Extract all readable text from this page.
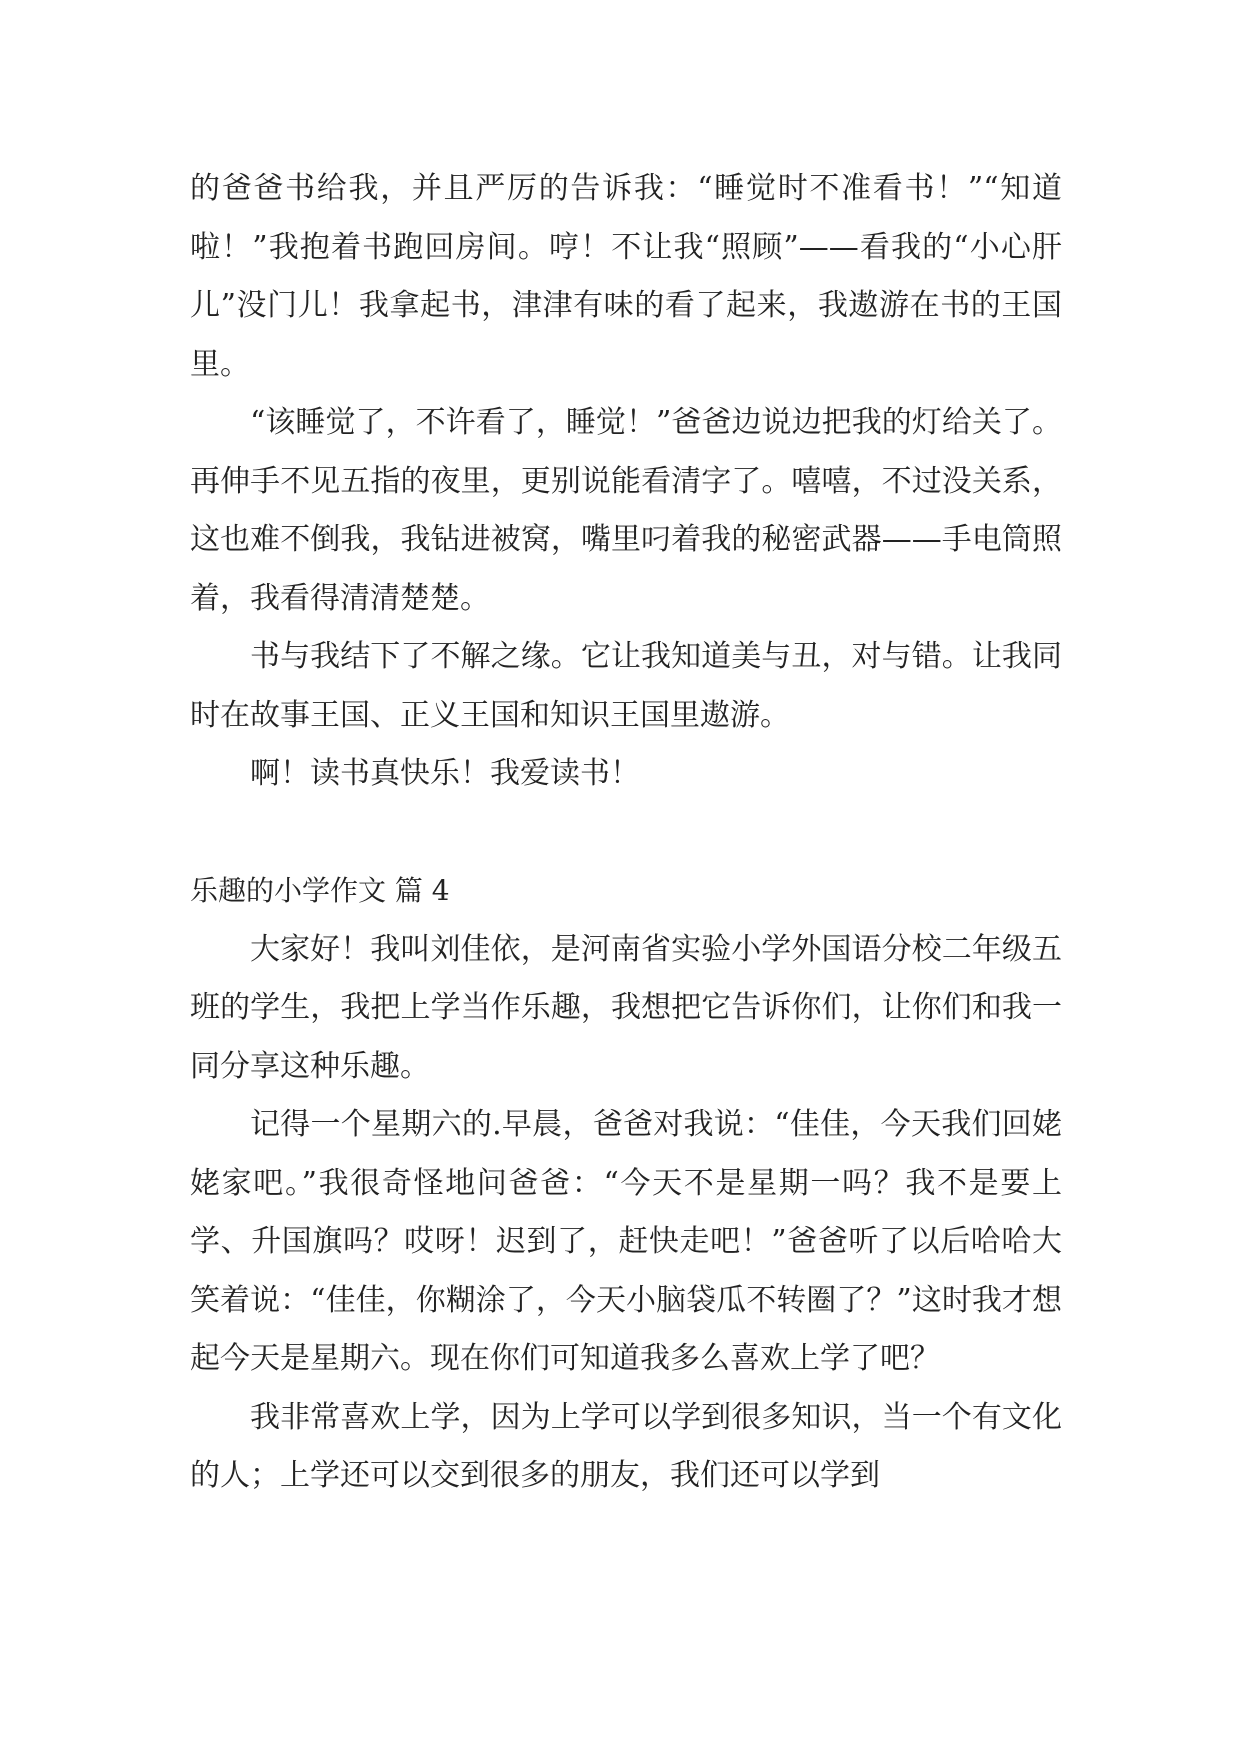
的爸爸书给我，并且严厉的告诉我：“睡觉时不准看书！”“知道啦！”我抱着书跑回房间。哼！不让我“照顾”——看我的“小心肝儿”没门儿！我拿起书，津津有味的看了起来，我遨游在书的王国里。

“该睡觉了，不许看了，睡觉！”爸爸边说边把我的灯给关了。再伸手不见五指的夜里，更别说能看清字了。嘻嘻，不过没关系，这也难不倒我，我钻进被窝，嘴里叼着我的秘密武器——手电筒照着，我看得清清楚楚。

书与我结下了不解之缘。它让我知道美与丑，对与错。让我同时在故事王国、正义王国和知识王国里遨游。

啊！读书真快乐！我爱读书！

乐趣的小学作文 篇 4

大家好！我叫刘佳依，是河南省实验小学外国语分校二年级五班的学生，我把上学当作乐趣，我想把它告诉你们，让你们和我一同分享这种乐趣。

记得一个星期六的.早晨，爸爸对我说：“佳佳，今天我们回姥姥家吧。”我很奇怪地问爸爸：“今天不是星期一吗？我不是要上学、升国旗吗？哎呀！迟到了，赶快走吧！”爸爸听了以后哈哈大笑着说：“佳佳，你糊涂了，今天小脑袋瓜不转圈了？”这时我才想起今天是星期六。现在你们可知道我多么喜欢上学了吧？

我非常喜欢上学，因为上学可以学到很多知识，当一个有文化的人；上学还可以交到很多的朋友，我们还可以学到
